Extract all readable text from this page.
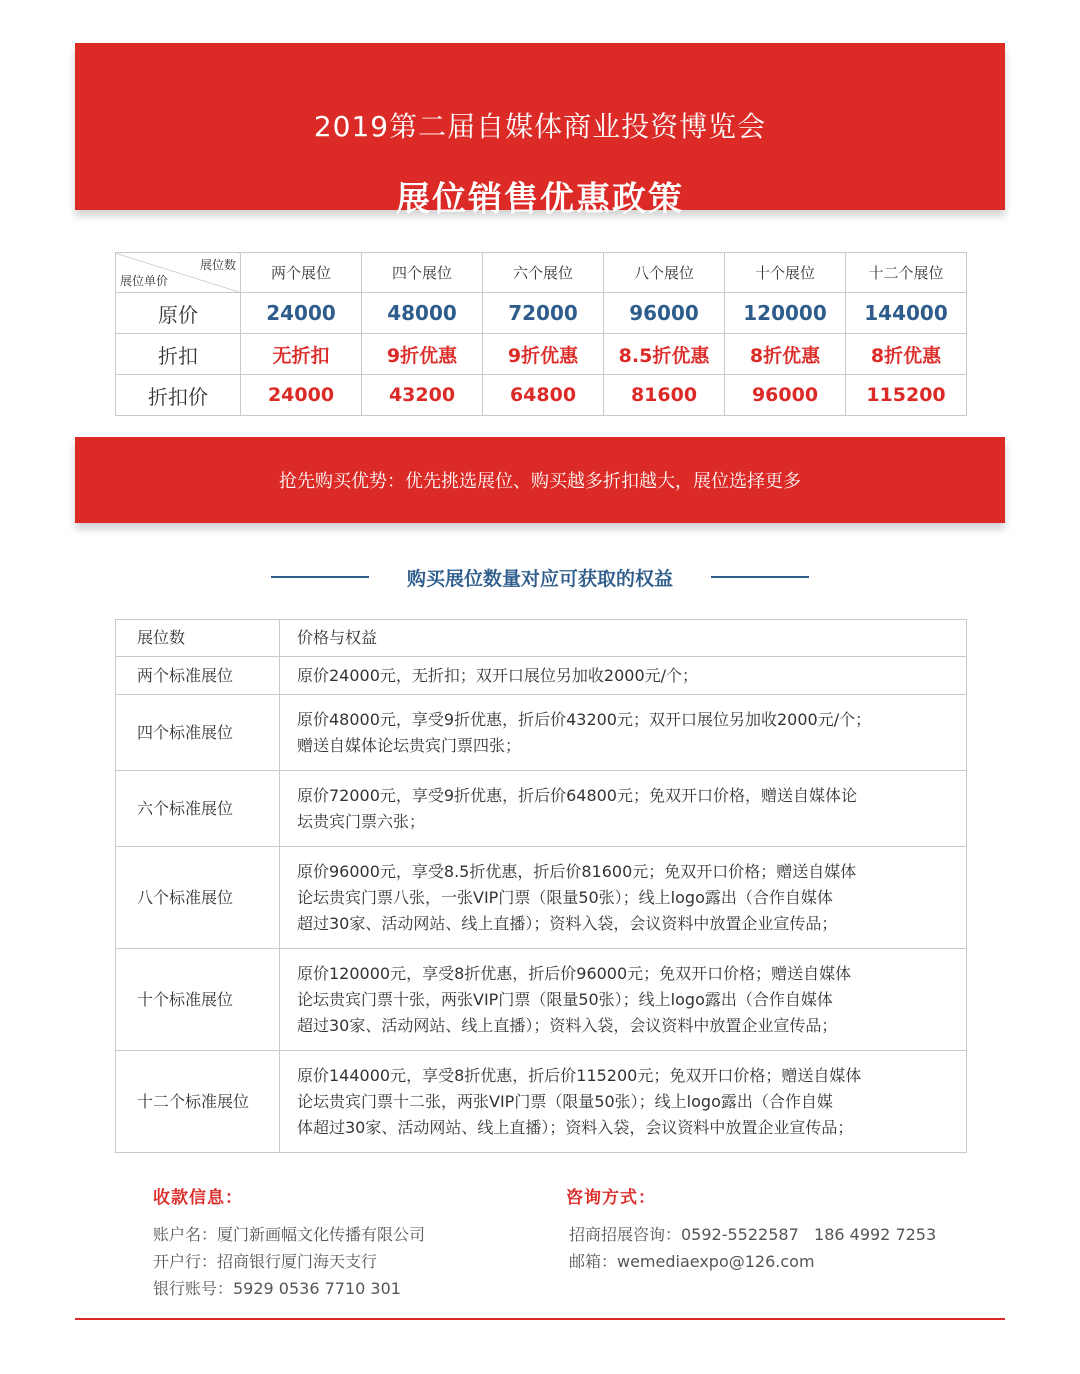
2019第二届自媒体商业投资博览会
展位销售优惠政策
展位数
展位单价	两个展位	四个展位	六个展位	八个展位	十个展位	十二个展位
原价	24000	48000	72000	96000	120000	144000
折扣	无折扣	9折优惠	9折优惠	8.5折优惠	8折优惠	8折优惠
折扣价	24000	43200	64800	81600	96000	115200
抢先购买优势：优先挑选展位、购买越多折扣越大，展位选择更多
购买展位数量对应可获取的权益
展位数	价格与权益
两个标准展位	原价24000元，无折扣；双开口展位另加收2000元/个；

四个标准展位	原价48000元，享受9折优惠，折后价43200元；双开口展位另加收2000元/个；
赠送自媒体论坛贵宾门票四张；

六个标准展位	原价72000元，享受9折优惠，折后价64800元；免双开口价格，赠送自媒体论
坛贵宾门票六张；

八个标准展位	原价96000元，享受8.5折优惠，折后价81600元；免双开口价格；赠送自媒体
论坛贵宾门票八张，一张VIP门票（限量50张）；线上logo露出（合作自媒体
超过30家、活动网站、线上直播）；资料入袋，会议资料中放置企业宣传品；

十个标准展位	原价120000元，享受8折优惠，折后价96000元；免双开口价格；赠送自媒体
论坛贵宾门票十张，两张VIP门票（限量50张）；线上logo露出（合作自媒体
超过30家、活动网站、线上直播）；资料入袋，会议资料中放置企业宣传品；

十二个标准展位	原价144000元，享受8折优惠，折后价115200元；免双开口价格；赠送自媒体
论坛贵宾门票十二张，两张VIP门票（限量50张）；线上logo露出（合作自媒
体超过30家、活动网站、线上直播）；资料入袋，会议资料中放置企业宣传品；
收款信息：
账户名：厦门新画幅文化传播有限公司
开户行：招商银行厦门海天支行
银行账号：5929 0536 7710 301
咨询方式：
招商招展咨询：0592-5522587   186 4992 7253
邮箱：wemediaexpo@126.com
